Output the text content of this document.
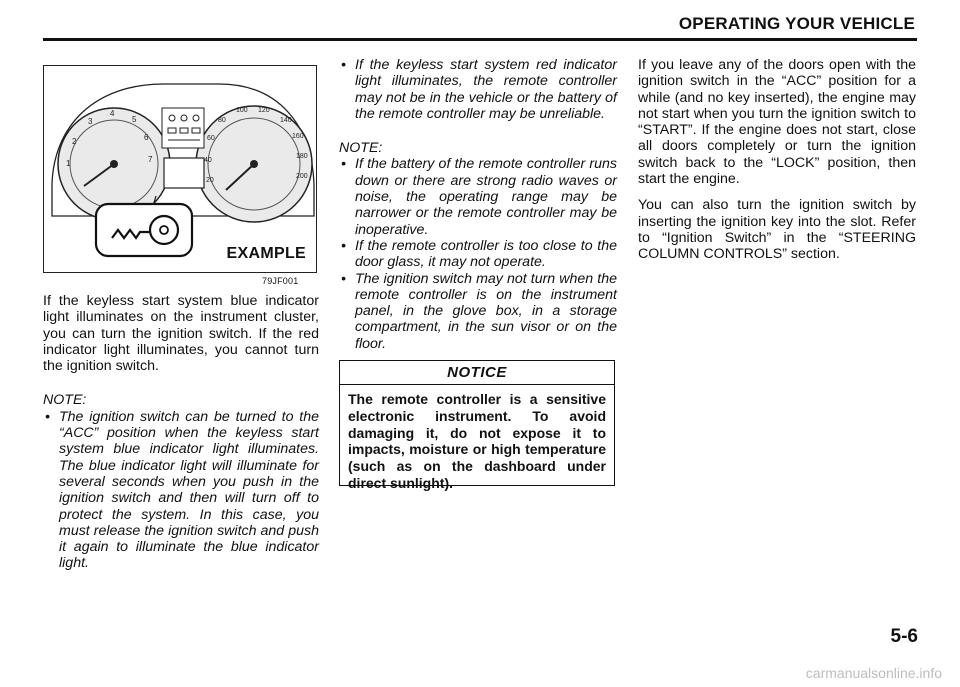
OPERATING YOUR VEHICLE
2
3
4
5
6
7
1
60
80
100 120
140
160
180
200
40
20
EXAMPLE
79JF001

If the keyless start system blue indicator light illuminates on the instrument cluster, you can turn the ignition switch. If the red indicator light illuminates, you cannot turn the ignition switch.

NOTE:

• The ignition switch can be turned to the “ACC” position when the keyless start system blue indicator light illuminates. The blue indicator light will illuminate for several seconds when you push in the ignition switch and then will turn off to protect the system. In this case, you must release the ignition switch and push it again to illuminate the blue indicator light.
• If the keyless start system red indicator light illuminates, the remote controller may not be in the vehicle or the battery of the remote controller may be unreliable.

NOTE:

• If the battery of the remote controller runs down or there are strong radio waves or noise, the operating range may be narrower or the remote controller may be inoperative.
• If the remote controller is too close to the door glass, it may not operate.
• The ignition switch may not turn when the remote controller is on the instrument panel, in the glove box, in a storage compartment, in the sun visor or on the floor.
NOTICE
The remote controller is a sensitive electronic instrument. To avoid damaging it, do not expose it to impacts, moisture or high temperature (such as on the dashboard under direct sunlight).

If you leave any of the doors open with the ignition switch in the “ACC” position for a while (and no key inserted), the engine may not start when you turn the ignition switch to “START”. If the engine does not start, close all doors completely or turn the ignition switch back to the “LOCK” position, then start the engine.

You can also turn the ignition switch by inserting the ignition key into the slot. Refer to “Ignition Switch” in the “STEERING COLUMN CONTROLS” section.

5-6
carmanualsonline.info
